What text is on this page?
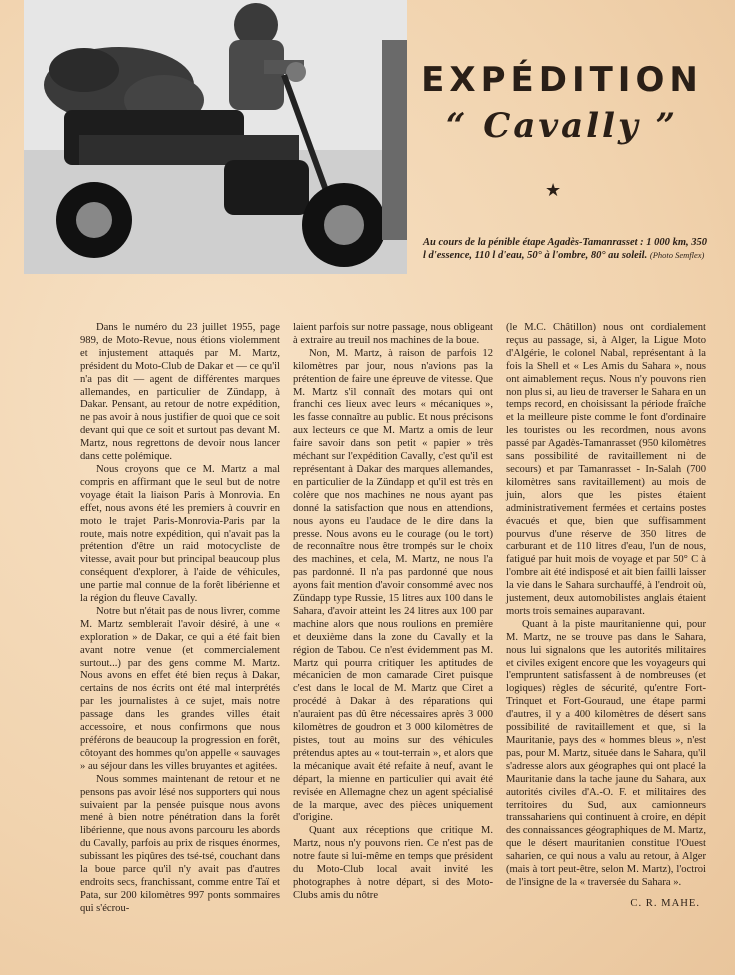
EXPÉDITION
“ Cavally ”
★
Au cours de la pénible étape Agadès-Tamanrasset : 1 000 km, 350 l d'essence, 110 l d'eau, 50° à l'ombre, 80° au soleil. (Photo Semflex)

Dans le numéro du 23 juillet 1955, page 989, de Moto-Revue, nous étions violemment et injustement attaqués par M. Martz, président du Moto-Club de Dakar et — ce qu'il n'a pas dit — agent de différentes marques allemandes, en particulier de Zündapp, à Dakar. Pensant, au retour de notre expédition, ne pas avoir à nous justifier de quoi que ce soit devant qui que ce soit et surtout pas devant M. Martz, nous regrettons de devoir nous lancer dans cette polémique.

Nous croyons que ce M. Martz a mal compris en affirmant que le seul but de notre voyage était la liaison Paris à Monrovia. En effet, nous avons été les premiers à couvrir en moto le trajet Paris-Monrovia-Paris par la route, mais notre expédition, qui n'avait pas la prétention d'être un raid motocycliste de vitesse, avait pour but principal beaucoup plus conséquent d'explorer, à l'aide de véhicules, une partie mal connue de la forêt libérienne et la région du fleuve Cavally.

Notre but n'était pas de nous livrer, comme M. Martz semblerait l'avoir désiré, à une « exploration » de Dakar, ce qui a été fait bien avant notre venue (et commercialement surtout...) par des gens comme M. Martz. Nous avons en effet été bien reçus à Dakar, certains de nos écrits ont été mal interprétés par les journalistes à ce sujet, mais notre passage dans les grandes villes était accessoire, et nous confirmons que nous préférons de beaucoup la progression en forêt, côtoyant des hommes qu'on appelle « sauvages » au séjour dans les villes bruyantes et agitées.

Nous sommes maintenant de retour et ne pensons pas avoir lésé nos supporters qui nous suivaient par la pensée puisque nous avons mené à bien notre pénétration dans la forêt libérienne, que nous avons parcouru les abords du Cavally, parfois au prix de risques énormes, subissant les piqûres des tsé-tsé, couchant dans la boue parce qu'il n'y avait pas d'autres endroits secs, franchissant, comme entre Taï et Pata, sur 200 kilomètres 997 ponts sommaires qui s'écrou-

laient parfois sur notre passage, nous obligeant à extraire au treuil nos machines de la boue.

Non, M. Martz, à raison de parfois 12 kilomètres par jour, nous n'avions pas la prétention de faire une épreuve de vitesse. Que M. Martz s'il connaît des motars qui ont franchi ces lieux avec leurs « mécaniques », les fasse connaître au public. Et nous précisons aux lecteurs ce que M. Martz a omis de leur faire savoir dans son petit « papier » très méchant sur l'expédition Cavally, c'est qu'il est représentant à Dakar des marques allemandes, en particulier de la Zündapp et qu'il est très en colère que nos machines ne nous ayant pas donné la satisfaction que nous en attendions, nous ayons eu l'audace de le dire dans la presse. Nous avons eu le courage (ou le tort) de reconnaître nous être trompés sur le choix des machines, et cela, M. Martz, ne nous l'a pas pardonné. Il n'a pas pardonné que nous ayons fait mention d'avoir consommé avec nos Zündapp type Russie, 15 litres aux 100 dans le Sahara, d'avoir atteint les 24 litres aux 100 par machine alors que nous roulions en première et deuxième dans la zone du Cavally et la région de Tabou. Ce n'est évidemment pas M. Martz qui pourra critiquer les aptitudes de mécanicien de mon camarade Ciret puisque c'est dans le local de M. Martz que Ciret a procédé à Dakar à des réparations qui n'auraient pas dû être nécessaires après 3 000 kilomètres de goudron et 3 000 kilomètres de pistes, tout au moins sur des véhicules prétendus aptes au « tout-terrain », et alors que la mécanique avait été refaite à neuf, avant le départ, la mienne en particulier qui avait été revisée en Allemagne chez un agent spécialisé de la marque, avec des pièces uniquement d'origine.

Quant aux réceptions que critique M. Martz, nous n'y pouvons rien. Ce n'est pas de notre faute si lui-même en temps que président du Moto-Club local avait invité les photographes à notre départ, si des Moto-Clubs amis du nôtre

(le M.C. Châtillon) nous ont cordialement reçus au passage, si, à Alger, la Ligue Moto d'Algérie, le colonel Nabal, représentant à la fois la Shell et « Les Amis du Sahara », nous ont aimablement reçus. Nous n'y pouvons rien non plus si, au lieu de traverser le Sahara en un temps record, en choisissant la période fraîche et la meilleure piste comme le font d'ordinaire les touristes ou les recordmen, nous avons passé par Agadès-Tamanrasset (950 kilomètres sans possibilité de ravitaillement ni de secours) et par Tamanrasset - In-Salah (700 kilomètres sans ravitaillement) au mois de juin, alors que les pistes étaient administrativement fermées et certains postes évacués et que, bien que suffisamment pourvus d'une réserve de 350 litres de carburant et de 110 litres d'eau, l'un de nous, fatigué par huit mois de voyage et par 50° C à l'ombre ait été indisposé et ait bien failli laisser la vie dans le Sahara surchauffé, à l'endroit où, justement, deux automobilistes anglais étaient morts trois semaines auparavant.

Quant à la piste mauritanienne qui, pour M. Martz, ne se trouve pas dans le Sahara, nous lui signalons que les autorités militaires et civiles exigent encore que les voyageurs qui l'empruntent satisfassent à de nombreuses (et logiques) règles de sécurité, qu'entre Fort-Trinquet et Fort-Gouraud, une étape parmi d'autres, il y a 400 kilomètres de désert sans possibilité de ravitaillement et que, si la Mauritanie, pays des « hommes bleus », n'est pas, pour M. Martz, située dans le Sahara, qu'il s'adresse alors aux géographes qui ont placé la Mauritanie dans la tache jaune du Sahara, aux autorités civiles d'A.-O. F. et militaires des territoires du Sud, aux camionneurs transsahariens qui continuent à croire, en dépit des connaissances géographiques de M. Martz, que le désert mauritanien constitue l'Ouest saharien, ce qui nous a valu au retour, à Alger (mais à tort peut-être, selon M. Martz), l'octroi de l'insigne de la « traversée du Sahara ».

C. R. MAHE.
